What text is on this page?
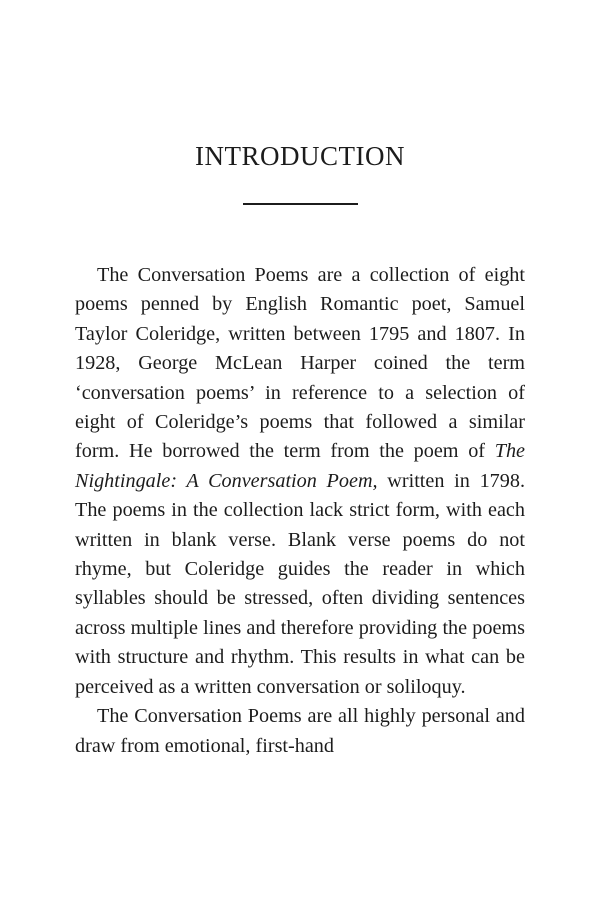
INTRODUCTION

The Conversation Poems are a collection of eight poems penned by English Romantic poet, Samuel Taylor Coleridge, written between 1795 and 1807. In 1928, George McLean Harper coined the term ‘conversation poems’ in reference to a selection of eight of Coleridge’s poems that followed a similar form. He borrowed the term from the poem of The Nightingale: A Conversation Poem, written in 1798. The poems in the collection lack strict form, with each written in blank verse. Blank verse poems do not rhyme, but Coleridge guides the reader in which syllables should be stressed, often dividing sentences across multiple lines and therefore providing the poems with structure and rhythm. This results in what can be perceived as a written conversation or soliloquy.

The Conversation Poems are all highly personal and draw from emotional, first-hand
